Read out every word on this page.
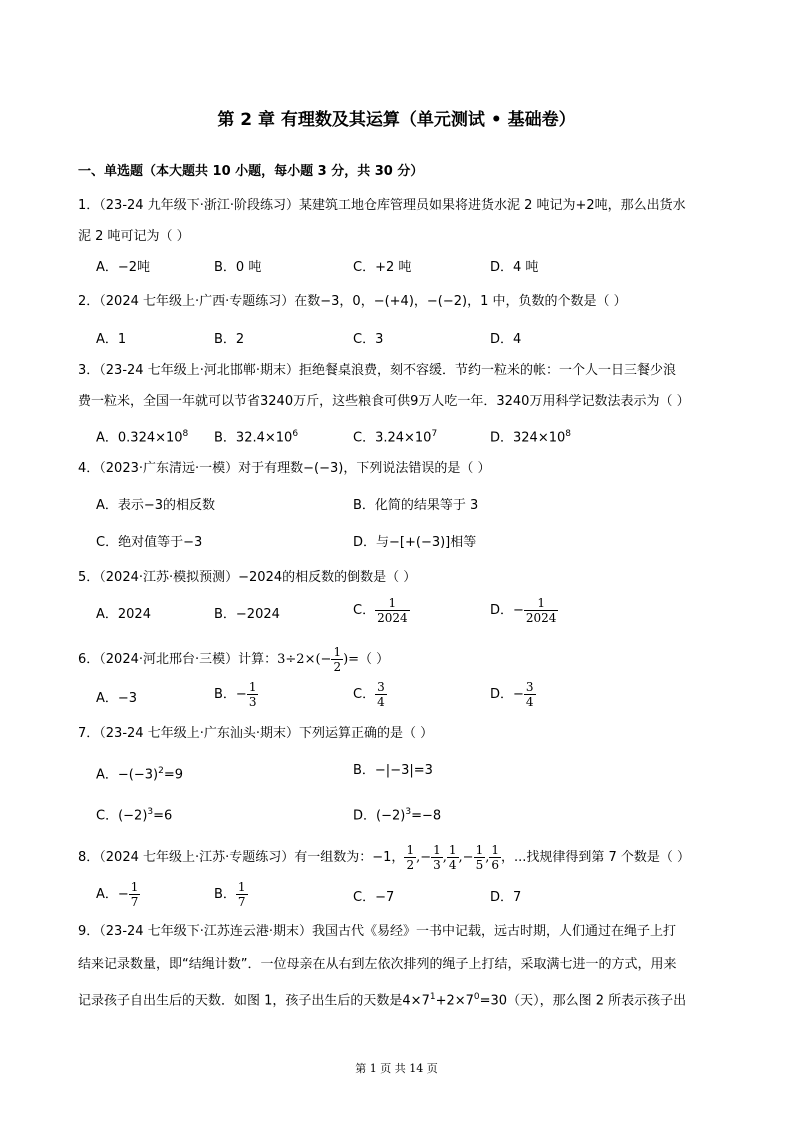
第 2 章 有理数及其运算（单元测试 • 基础卷）
一、单选题（本大题共 10 小题，每小题 3 分，共 30 分）
1．（23-24 九年级下·浙江·阶段练习）某建筑工地仓库管理员如果将进货水泥 2 吨记为+2吨，那么出货水
泥 2 吨可记为（ ）
A．−2吨	B．0 吨	C．+2 吨	D．4 吨
2．（2024 七年级上·广西·专题练习）在数−3，0，−(+4)，−(−2)，1 中，负数的个数是（ ）
A．1	B．2	C．3	D．4
3．（23-24 七年级上·河北邯郸·期末）拒绝餐桌浪费，刻不容缓．节约一粒米的帐：一个人一日三餐少浪
费一粒米，全国一年就可以节省3240万斤，这些粮食可供9万人吃一年．3240万用科学记数法表示为（ ）
A．$0.324\times 10^8$ B．$32.4\times 10^6$	C．$3.24\times 10^7$	D．$324\times 10^8$
4．（2023·广东清远·一模）对于有理数−(−3)，下列说法错误的是（ ）
A．表示−3的相反数	B．化简的结果等于 3
C．绝对值等于−3	D．与−[+(−3)]相等
5．（2024·江苏·模拟预测）−2024的相反数的倒数是（ ）
A．2024	B．−2024	C． $\frac{1}{2024}$	D．− $\frac{1}{2024}$
6．（2024·河北邢台·三模）计算：$3\div 2\times(- \frac{1}{2}$ )=（ ）
A．−3	B．− $\frac{1}{3}$	C． $\frac{3}{4}$	D．− $\frac{3}{4}$
7．（23-24 七年级上·广东汕头·期末）下列运算正确的是（ ）
A．$-(-3)^2=9$	B．−|−3|=3
C．$(-2)^3=6$	D．$(-2)^3=-8$
8．（2024 七年级上·江苏·专题练习）有一组数为：−1， $\frac{1}{2}$ ,− $\frac{1}{3}$ , $\frac{1}{4}$ ,− $\frac{1}{5}$ , $\frac{1}{6}$ ，...找规律得到第 7 个数是（ ）
A．− $\frac{1}{7}$	B． $\frac{1}{7}$	C．−7	D．7
9．（23-24 七年级下·江苏连云港·期末）我国古代《易经》一书中记载，远古时期，人们通过在绳子上打
结来记录数量，即“结绳计数”．一位母亲在从右到左依次排列的绳子上打结，采取满七进一的方式，用来
记录孩子自出生后的天数．如图 1，孩子出生后的天数是$4\times 7^1+2\times 7^0=30$（天），那么图 2 所表示孩子出
第 1 页 共 14 页
